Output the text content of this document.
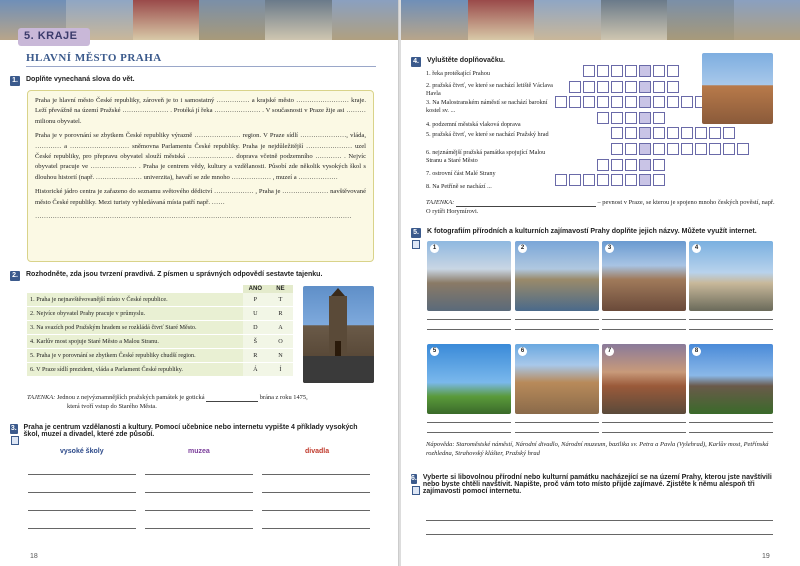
5. KRAJE
HLAVNÍ MĚSTO PRAHA
1. Doplňte vynechaná slova do vět.

Praha je hlavní město České republiky, zároveň je to i samostatný …………… a krajské město …………………… kraje. Leží převážně na území Pražské ………………… . Protéká jí řeka ………………… . V současnosti v Praze žije asi ……… milionu obyvatel.

Praha je v porovnání se zbytkem České republiky výrazně ………………… region. V Praze sídlí …………………, vláda, ………… a ……………………… sněmovna Parlamentu České republiky. Praha je nejdůležitější ………………… uzel České republiky, pro přepravu obyvatel slouží městská ………………… doprava včetně podzemního ………… . Nejvíc obyvatel pracuje ve ………………… . Praha je centrem vědy, kultury a vzdělanosti. Působí zde několik vysokých škol s dlouhou historií (např. ………………… univerzita), havaří se zde mnoho ……………… , muzeí a ………………

Historické jádro centra je zařazeno do seznamu světového dědictví ……………… , Praha je ………………… navštěvované město České republiky. Mezi turisty vyhledávaná místa patří např. ……

………………………………………………………………………………………………………………………………

2. Rozhodněte, zda jsou tvrzení pravdivá. Z písmen u správných odpovědí sestavte tajenku.
	ANO	NE
1. Praha je nejnavštěvovanější místo v České republice.	P	T
2. Nejvíce obyvatel Prahy pracuje v průmyslu.	U	R
3. Na svazích pod Pražským hradem se rozkládá čtvrť Staré Město.	D	A
4. Karlův most spojuje Staré Město a Malou Stranu.	Š	O
5. Praha je v porovnání se zbytkem České republiky chudší region.	R	N
6. V Praze sídlí prezident, vláda a Parlament České republiky.	Á	Í
TAJENKA: Jednou z nejvýznamnějších pražských památek je gotická	brána z roku 1475,
která tvoří vstup do Starého Města.
3. Praha je centrum vzdělanosti a kultury. Pomocí učebnice nebo internetu vypište 4 příklady vysokých škol, muzeí a divadel, které zde působí.
vysoké školy	muzea	divadla
18
4. Vyluštěte doplňovačku.
1. řeka protékající Prahou
2. pražská čtvrť, ve které se nachází letiště Václava Havla
3. Na Malostranském náměstí se nachází barokní kostel sv. ...
4. podzemní městská vlaková doprava
5. pražská čtvrť, ve které se nachází Pražský hrad
6. nejznámější pražská památka spojující Malou Stranu a Staré Město
7. ostrovní část Malé Strany
8. Na Petříně se nachází ...
TAJENKA:	– pevnost v Praze, se kterou je spojeno mnoho českých pověstí, např. O rytíři Horymírovi.
5. K fotografiím přírodních a kulturních zajímavostí Prahy doplňte jejich názvy. Můžete využít internet.
1	2	3	4
5	6	7	8
Nápověda: Staroměstské náměstí, Národní divadlo, Národní muzeum, bazilika sv. Petra a Pavla (Vyšehrad), Karlův most, Petřínská rozhledna, Strahovský klášter, Pražský hrad
6. Vyberte si libovolnou přírodní nebo kulturní památku nacházející se na území Prahy, kterou jste navštívili nebo byste chtěli navštívit. Napište, proč vám toto místo přijde zajímavé. Zjistěte k němu alespoň tři zajímavosti pomocí internetu.
19
